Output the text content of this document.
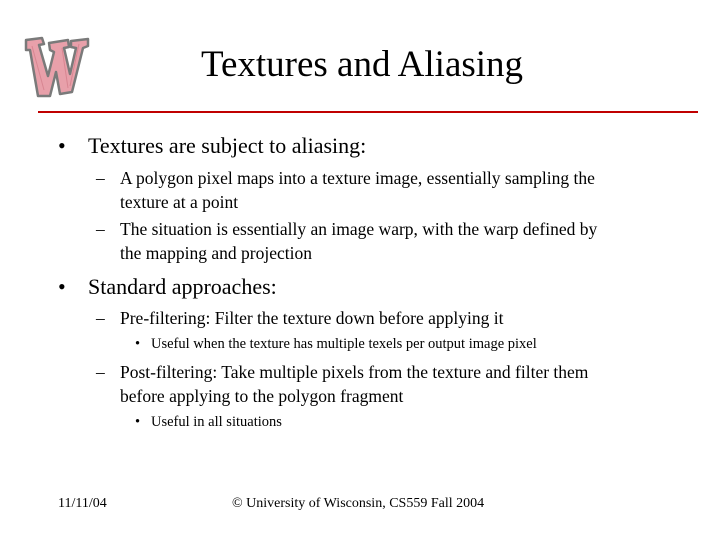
Textures and Aliasing
• Textures are subject to aliasing:
– A polygon pixel maps into a texture image, essentially sampling the
texture at a point
– The situation is essentially an image warp, with the warp defined by
the mapping and projection
• Standard approaches:
– Pre-filtering: Filter the texture down before applying it
• Useful when the texture has multiple texels per output image pixel
– Post-filtering: Take multiple pixels from the texture and filter them
before applying to the polygon fragment
• Useful in all situations
11/11/04	© University of Wisconsin, CS559 Fall 2004
